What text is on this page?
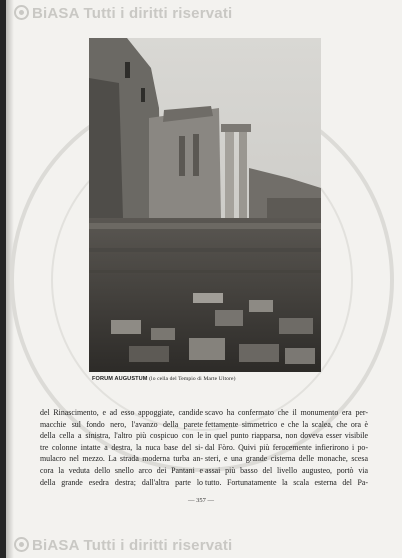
BiASA Tutti i diritti riservati
FORUM AUGUSTUM (lo cella del Tempio di Marte Ultore)
del Rinascimento, e ad esso appoggiate, candide
macchie sul fondo nero, l'avanzo della parete
della cella a sinistra, l'altro più cospicuo con le
tre colonne intatte a destra, la nuca base del si-
mulacro nel mezzo. La strada moderna turba an-
cora la veduta dello snello arco dei Pantani e
della grande esedra destra; dall'altra parte lo
scavo ha confermato che il monumento era per-
fettamente simmetrico e che la scalea, che ora è
in quel punto riapparsa, non doveva esser visibile
dal Fòro. Quivi più ferocemente infierirono i po-
steri, e una grande cisterna delle monache, scesa
assai più basso del livello augusteo, portò via
tutto. Fortunatamente la scala esterna del Pa-
— 357 —
BiASA Tutti i diritti riservati
